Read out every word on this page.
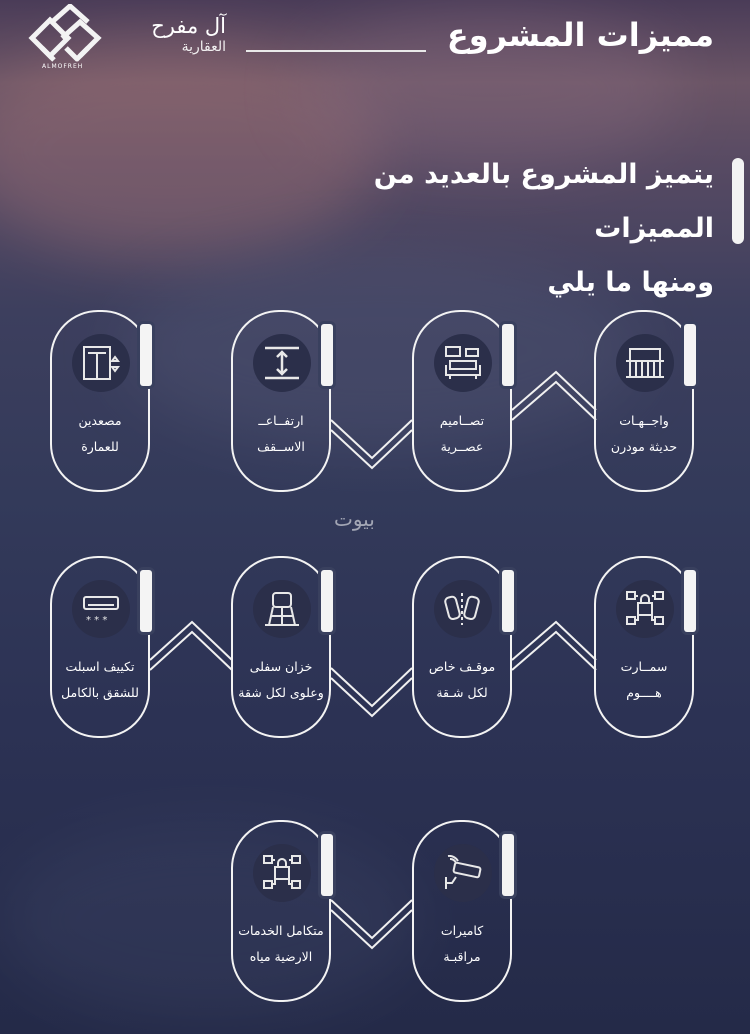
مميزات المشروع
آل مفرح
العقارية
ALMOFREH
يتميز المشروع بالعديد من المميزات
ومنها ما يلي
بيوت
واجــهـات
حديثة مودرن
تصــاميم
عصــرية
ارتفــاعــ
الاســقف
مصعدين
للعمارة
سمــارت
هــــوم
موقـف خاص
لكل شـقة
خزان سفلى
وعلوى لكل شقة
* * *
تكييف اسبلت
للشقق بالكامل
كاميرات
مراقبـة
متكامل الخدمات
الارضية مياه
